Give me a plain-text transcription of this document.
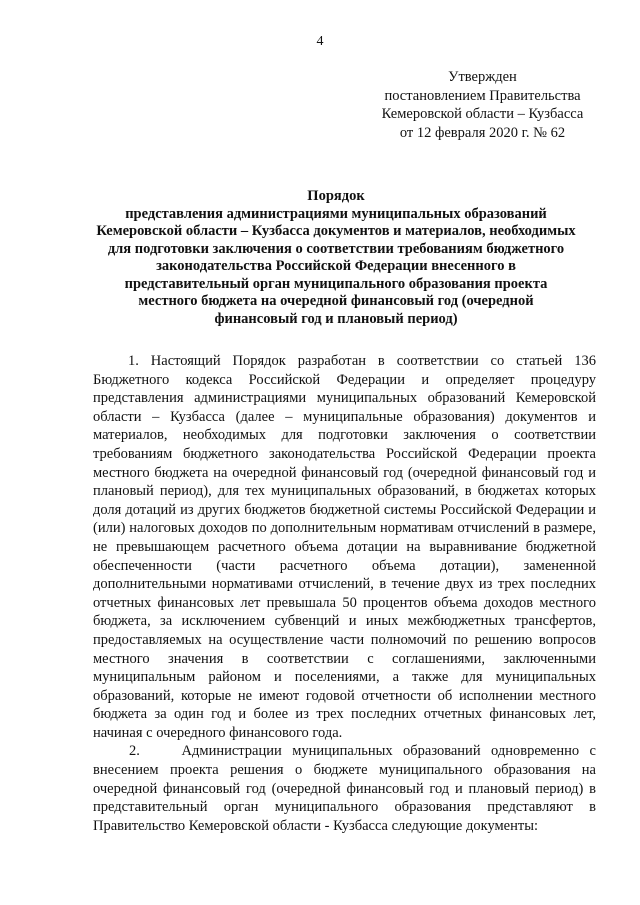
4
Утвержден
постановлением Правительства
Кемеровской области – Кузбасса
от 12 февраля 2020 г. № 62
Порядок
представления администрациями муниципальных образований
Кемеровской области – Кузбасса документов и материалов, необходимых
для подготовки заключения о соответствии требованиям бюджетного
законодательства Российской Федерации внесенного в
представительный орган муниципального образования проекта
местного бюджета на очередной финансовый год (очередной
финансовый год и плановый период)

1. Настоящий Порядок разработан в соответствии со статьей 136 Бюджетного кодекса Российской Федерации и определяет процедуру представления администрациями муниципальных образований Кемеровской области – Кузбасса (далее – муниципальные образования) документов и материалов, необходимых для подготовки заключения о соответствии требованиям бюджетного законодательства Российской Федерации проекта местного бюджета на очередной финансовый год (очередной финансовый год и плановый период), для тех муниципальных образований, в бюджетах которых доля дотаций из других бюджетов бюджетной системы Российской Федерации и (или) налоговых доходов по дополнительным нормативам отчислений в размере, не превышающем расчетного объема дотации на выравнивание бюджетной обеспеченности (части расчетного объема дотации), замененной дополнительными нормативами отчислений, в течение двух из трех последних отчетных финансовых лет превышала 50 процентов объема доходов местного бюджета, за исключением субвенций и иных межбюджетных трансфертов, предоставляемых на осуществление части полномочий по решению вопросов местного значения в соответствии с соглашениями, заключенными муниципальным районом и поселениями, а также для муниципальных образований, которые не имеют годовой отчетности об исполнении местного бюджета за один год и более из трех последних отчетных финансовых лет, начиная с очередного финансового года.

2.    Администрации муниципальных образований одновременно с внесением проекта решения о бюджете муниципального образования на очередной финансовый год (очередной финансовый год и плановый период) в представительный орган муниципального образования представляют в Правительство Кемеровской области - Кузбасса следующие документы:
